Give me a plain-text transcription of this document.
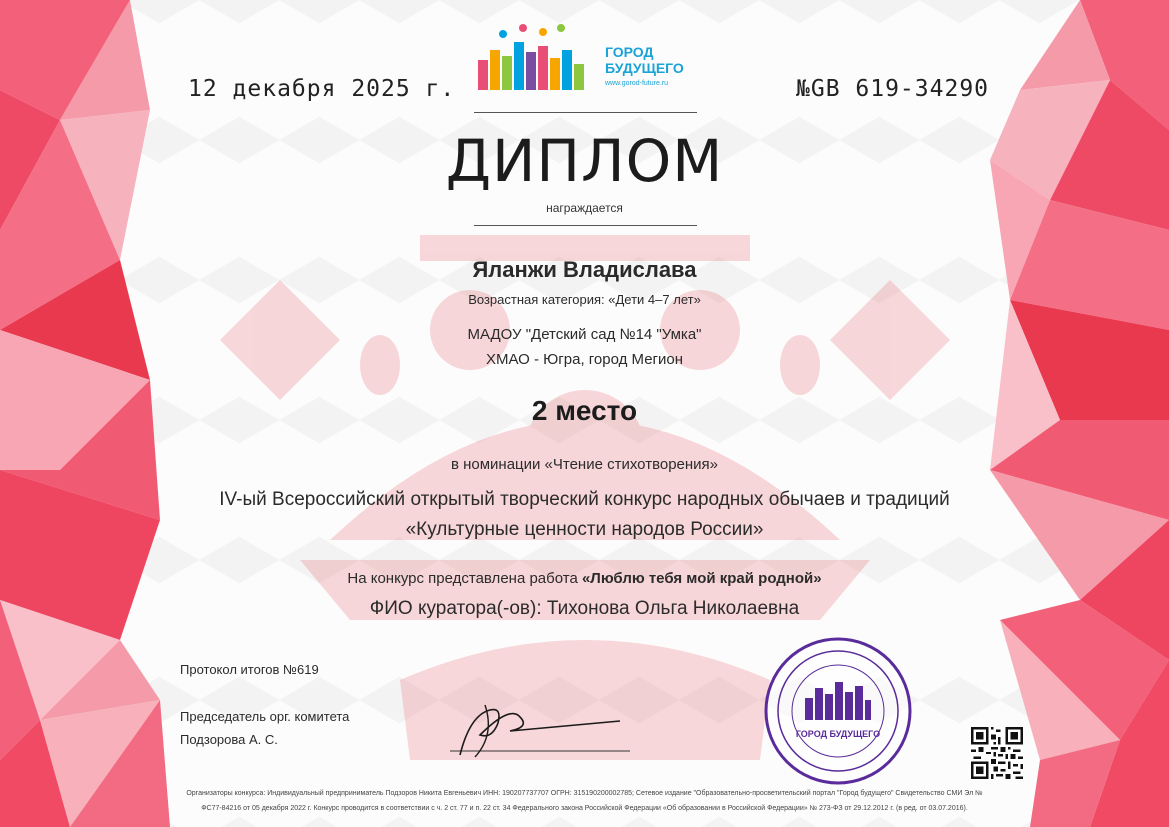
ГОРОД
БУДУЩЕГО
www.gorod-future.ru
12 декабря 2025 г.	№GB 619-34290
ДИПЛОМ
награждается
Яланжи Владислава
Возрастная категория: «Дети 4–7 лет»
МАДОУ "Детский сад №14 "Умка"
ХМАО - Югра, город Мегион
2 место
в номинации «Чтение стихотворения»
IV-ый Всероссийский открытый творческий конкурс народных обычаев и традиций «Культурные ценности народов России»
На конкурс представлена работа «Люблю тебя мой край родной»
ФИО куратора(-ов): Тихонова Ольга Николаевна
Протокол итогов №619
Председатель орг. комитета
Подзорова А. С.	ГОРОД БУДУЩЕГО
Организаторы конкурса: Индивидуальный предприниматель Подзоров Никита Евгеньевич ИНН: 190207737707 ОГРН: 315190200002785; Сетевое издание "Образовательно-просветительский портал "Город будущего" Свидетельство СМИ Эл №
ФС77-84216 от 05 декабря 2022 г. Конкурс проводится в соответствии с ч. 2 ст. 77 и п. 22 ст. 34 Федерального закона Российской Федерации «Об образовании в Российской Федерации» № 273-ФЗ от 29.12.2012 г. (в ред. от 03.07.2016).
